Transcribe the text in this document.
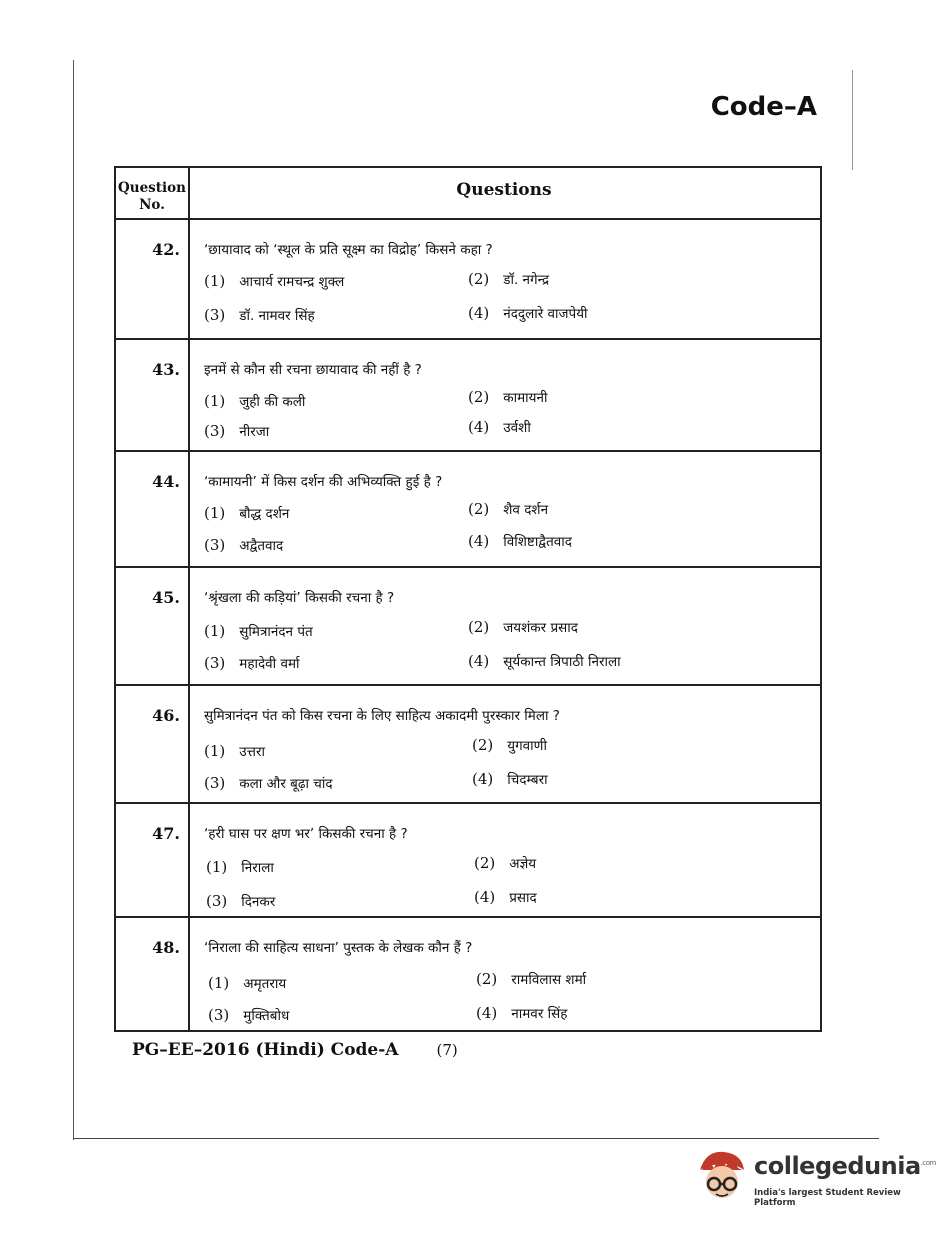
Code–A
Question
No.
Questions
42. ‘छायावाद को ‘स्थूल के प्रति सूक्ष्म का विद्रोह’ किसने कहा ?
(1) आचार्य रामचन्द्र शुक्ल	(2) डॉ. नगेन्द्र
(3) डॉ. नामवर सिंह	(4) नंददुलारे वाजपेयी
43. इनमें से कौन सी रचना छायावाद की नहीं है ?
(1) जुही की कली	(2) कामायनी
(3) नीरजा	(4) उर्वशी
44. ‘कामायनी’ में किस दर्शन की अभिव्यक्ति हुई है ?
(1) बौद्ध दर्शन	(2) शैव दर्शन
(3) अद्वैतवाद	(4) विशिष्टाद्वैतवाद
45. ‘श्रृंखला की कड़ियां’ किसकी रचना है ?
(1) सुमित्रानंदन पंत	(2) जयशंकर प्रसाद
(3) महादेवी वर्मा	(4) सूर्यकान्त त्रिपाठी निराला
46. सुमित्रानंदन पंत को किस रचना के लिए साहित्य अकादमी पुरस्कार मिला ?
(1) उत्तरा	(2) युगवाणी
(3) कला और बूढ़ा चांद	(4) चिदम्बरा
47. ‘हरी घास पर क्षण भर’ किसकी रचना है ?
(1) निराला	(2) अज्ञेय
(3) दिनकर	(4) प्रसाद
48. ‘निराला की साहित्य साधना’ पुस्तक के लेखक कौन हैं ?
(1) अमृतराय	(2) रामविलास शर्मा
(3) मुक्तिबोध	(4) नामवर सिंह
PG–EE–2016 (Hindi) Code-A	(7)
collegedunia$^{.com}$
India's largest Student Review Platform
